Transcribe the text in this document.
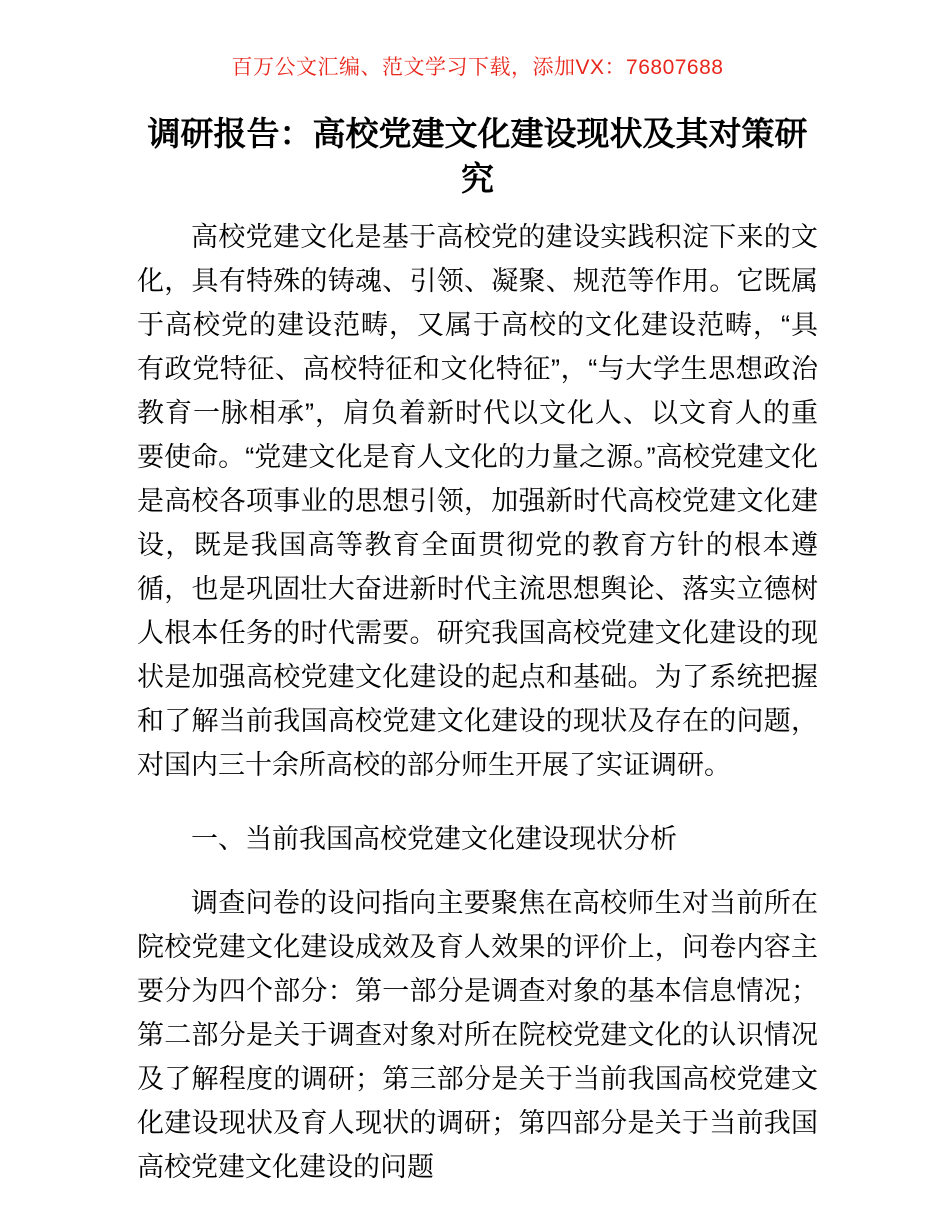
百万公文汇编、范文学习下载，添加VX：76807688
调研报告：高校党建文化建设现状及其对策研究

高校党建文化是基于高校党的建设实践积淀下来的文化，具有特殊的铸魂、引领、凝聚、规范等作用。它既属于高校党的建设范畴，又属于高校的文化建设范畴，“具有政党特征、高校特征和文化特征”，“与大学生思想政治教育一脉相承”，肩负着新时代以文化人、以文育人的重要使命。“党建文化是育人文化的力量之源。”高校党建文化是高校各项事业的思想引领，加强新时代高校党建文化建设，既是我国高等教育全面贯彻党的教育方针的根本遵循，也是巩固壮大奋进新时代主流思想舆论、落实立德树人根本任务的时代需要。研究我国高校党建文化建设的现状是加强高校党建文化建设的起点和基础。为了系统把握和了解当前我国高校党建文化建设的现状及存在的问题，对国内三十余所高校的部分师生开展了实证调研。

一、当前我国高校党建文化建设现状分析

调查问卷的设问指向主要聚焦在高校师生对当前所在院校党建文化建设成效及育人效果的评价上，问卷内容主要分为四个部分：第一部分是调查对象的基本信息情况；第二部分是关于调查对象对所在院校党建文化的认识情况及了解程度的调研；第三部分是关于当前我国高校党建文化建设现状及育人现状的调研；第四部分是关于当前我国高校党建文化建设的问题
